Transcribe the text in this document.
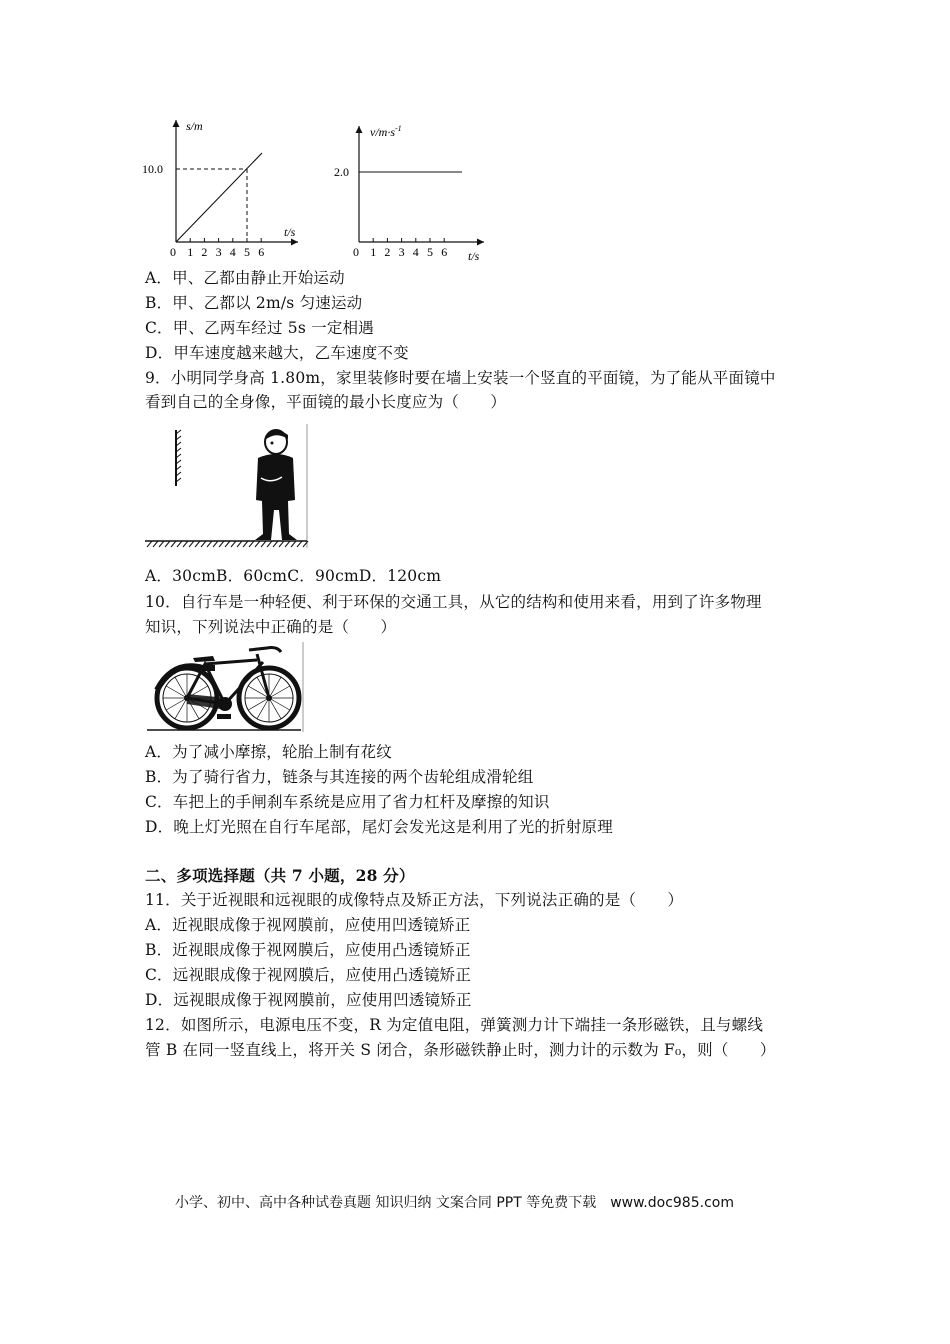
s/m
10.0
t/s
0 1 2 3 4 5 6
$v/m\cdot s^{-1}$
2.0
t/s
0 1 2 3 4 5 6
A．甲、乙都由静止开始运动
B．甲、乙都以 2m/s 匀速运动
C．甲、乙两车经过 5s 一定相遇
D．甲车速度越来越大，乙车速度不变
9．小明同学身高 1.80m，家里装修时要在墙上安装一个竖直的平面镜，为了能从平面镜中
看到自己的全身像，平面镜的最小长度应为（　　）
A．30cmB．60cmC．90cmD．120cm
10．自行车是一种轻便、利于环保的交通工具，从它的结构和使用来看，用到了许多物理
知识，下列说法中正确的是（　　）
A．为了减小摩擦，轮胎上制有花纹
B．为了骑行省力，链条与其连接的两个齿轮组成滑轮组
C．车把上的手闸刹车系统是应用了省力杠杆及摩擦的知识
D．晚上灯光照在自行车尾部，尾灯会发光这是利用了光的折射原理
二、多项选择题（共 7 小题，28 分）
11．关于近视眼和远视眼的成像特点及矫正方法，下列说法正确的是（　　）
A．近视眼成像于视网膜前，应使用凹透镜矫正
B．近视眼成像于视网膜后，应使用凸透镜矫正
C．远视眼成像于视网膜后，应使用凸透镜矫正
D．远视眼成像于视网膜前，应使用凹透镜矫正
12．如图所示，电源电压不变，R 为定值电阻，弹簧测力计下端挂一条形磁铁，且与螺线
管 B 在同一竖直线上，将开关 S 闭合，条形磁铁静止时，测力计的示数为 F₀，则（　　）
小学、初中、高中各种试卷真题 知识归纳 文案合同 PPT 等免费下载　www.doc985.com
